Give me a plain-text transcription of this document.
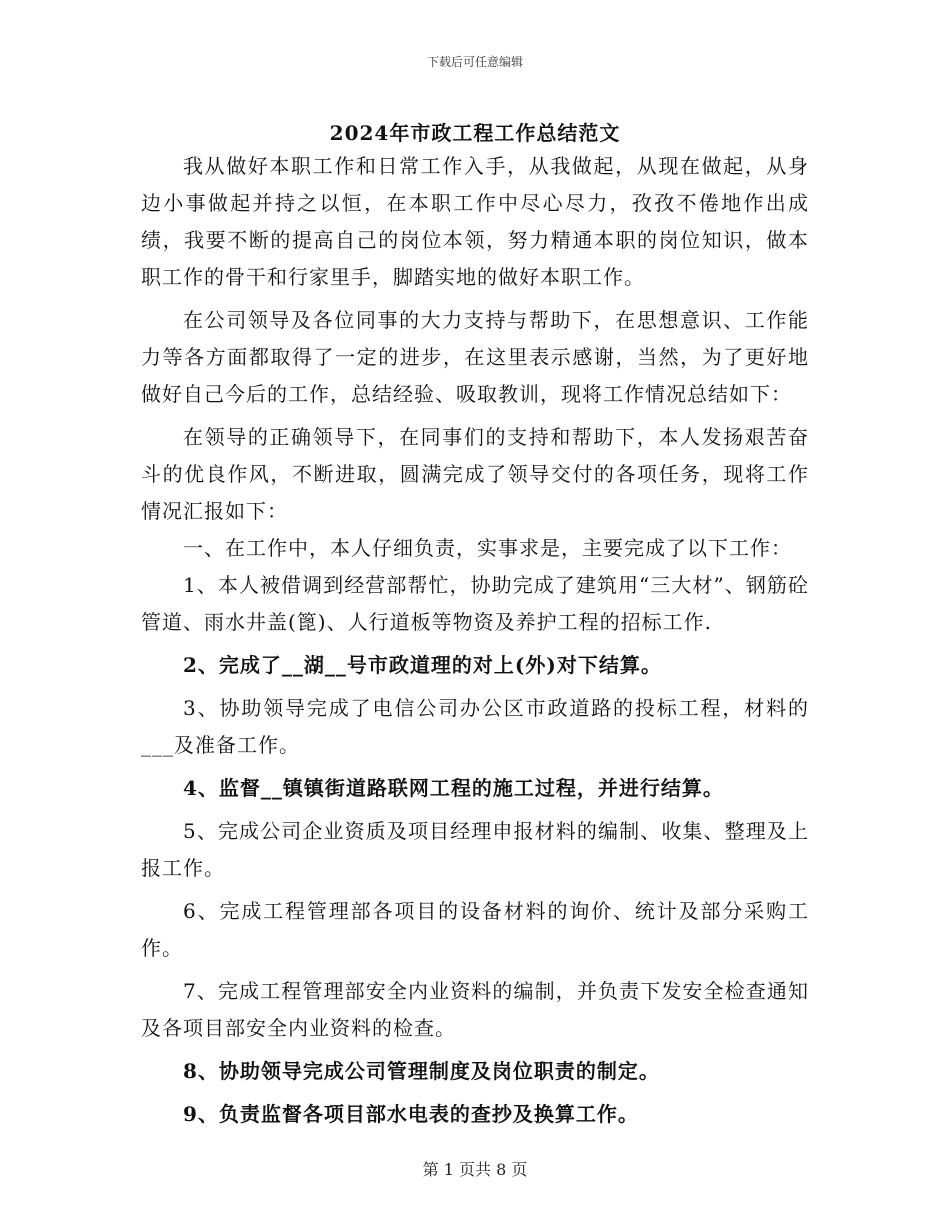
下载后可任意编辑
2024年市政工程工作总结范文

我从做好本职工作和日常工作入手，从我做起，从现在做起，从身边小事做起并持之以恒，在本职工作中尽心尽力，孜孜不倦地作出成绩，我要不断的提高自己的岗位本领，努力精通本职的岗位知识，做本职工作的骨干和行家里手，脚踏实地的做好本职工作。

在公司领导及各位同事的大力支持与帮助下，在思想意识、工作能力等各方面都取得了一定的进步，在这里表示感谢，当然，为了更好地做好自己今后的工作，总结经验、吸取教训，现将工作情况总结如下：

在领导的正确领导下，在同事们的支持和帮助下，本人发扬艰苦奋斗的优良作风，不断进取，圆满完成了领导交付的各项任务，现将工作情况汇报如下：

一、在工作中，本人仔细负责，实事求是，主要完成了以下工作：

1、本人被借调到经营部帮忙，协助完成了建筑用“三大材”、钢筋砼管道、雨水井盖(篦)、人行道板等物资及养护工程的招标工作.

2、完成了__湖__号市政道理的对上(外)对下结算。

3、协助领导完成了电信公司办公区市政道路的投标工程，材料的___及准备工作。

4、监督__镇镇街道路联网工程的施工过程，并进行结算。

5、完成公司企业资质及项目经理申报材料的编制、收集、整理及上报工作。

6、完成工程管理部各项目的设备材料的询价、统计及部分采购工作。

7、完成工程管理部安全内业资料的编制，并负责下发安全检查通知及各项目部安全内业资料的检查。

8、协助领导完成公司管理制度及岗位职责的制定。

9、负责监督各项目部水电表的查抄及换算工作。

第 1 页共 8 页
